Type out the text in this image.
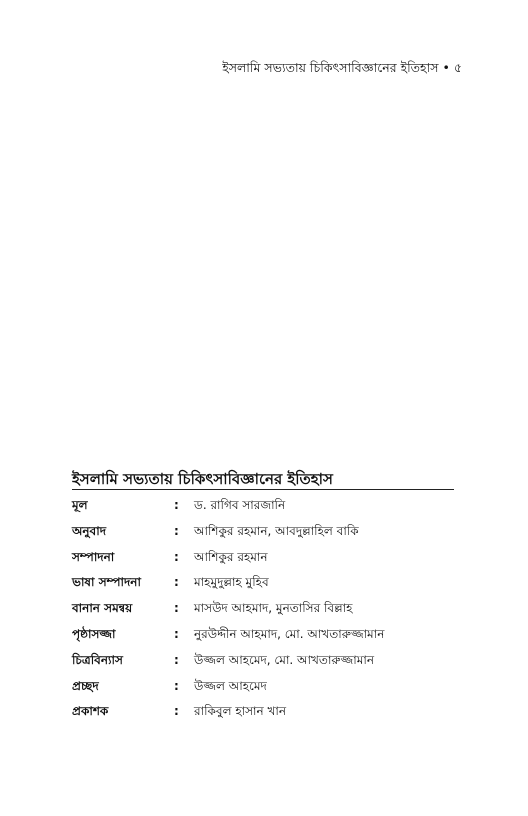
ইসলামি সভ্যতায় চিকিৎসাবিজ্ঞানের ইতিহাস • ৫
ইসলামি সভ্যতায় চিকিৎসাবিজ্ঞানের ইতিহাস
মূল	:	ড. রাগিব সারজানি
অনুবাদ	:	আশিকুর রহমান, আবদুল্লাহিল বাকি
সম্পাদনা	:	আশিকুর রহমান
ভাষা সম্পাদনা	:	মাহমুদুল্লাহ মুহিব
বানান সমন্বয়	:	মাসউদ আহমাদ, মুনতাসির বিল্লাহ
পৃষ্ঠাসজ্জা	:	নুরউদ্দীন আহমাদ, মো. আখতারুজ্জামান
চিত্রবিন্যাস	:	উজ্জল আহমেদ, মো. আখতারুজ্জামান
প্রচ্ছদ	:	উজ্জল আহমেদ
প্রকাশক	:	রাকিবুল হাসান খান
